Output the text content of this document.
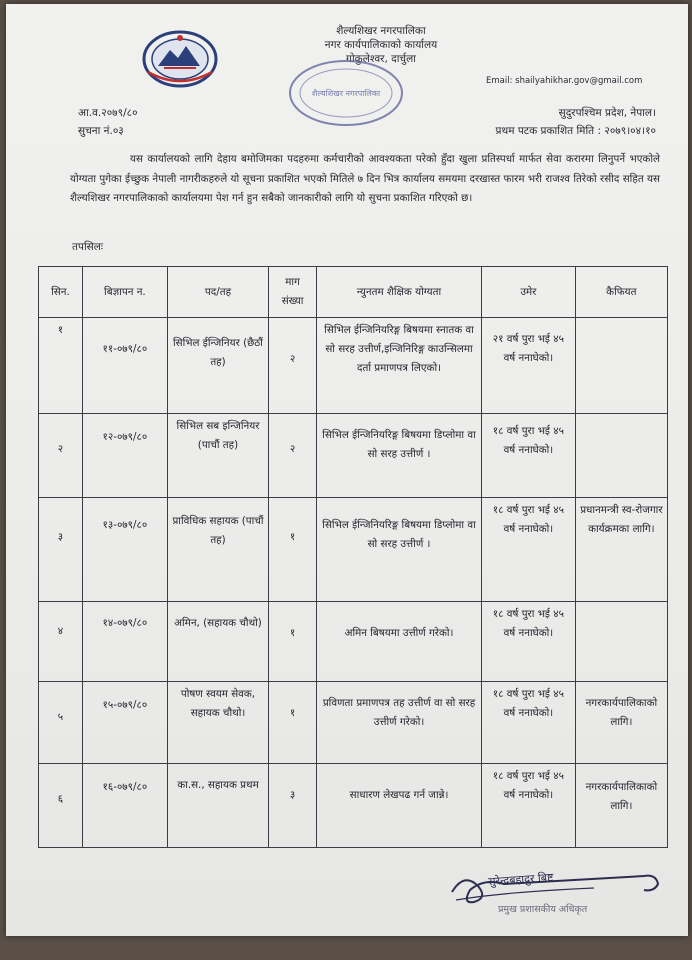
शैल्यशिखर नगरपालिका
नगर कार्यपालिकाको कार्यालय
गोकुलेश्वर, दार्चुला
शैल्यशिखर नगरपालिका
Email: shailyahikhar.gov@gmail.com
आ.व.२०७९/८०
सुचना नं.०३
सुदुरपश्चिम प्रदेश, नेपाल।
प्रथम पटक प्रकाशित मिति : २०७९।०४।१०
यस कार्यालयको लागि देहाय बमोजिमका पदहरुमा कर्मचारीको आवश्यकता परेको हुँदा खुला प्रतिस्पर्धा मार्फत सेवा करारमा लिनुपर्ने भएकोले योग्यता पुगेका ईच्छुक नेपाली नागरीकहरुले यो सूचना प्रकाशित भएको मितिले ७ दिन भित्र कार्यालय समयमा दरखास्त फारम भरी राजश्व तिरेको रसीद सहित यस शैल्यशिखर नगरपालिकाको कार्यालयमा पेश गर्न हुन सबैको जानकारीको लागि यो सुचना प्रकाशित गरिएको छ।
तपसिलः
सिन.	बिज्ञापन न.	पद/तह	माग संख्या	न्युनतम शैक्षिक योग्यता	उमेर	कैफियत
१	११-०७९/८०	सिभिल ईन्जिनियर (छैठौं तह)	२	सिभिल ईन्जिनियरिङ्ग बिषयमा स्नातक वा सो सरह उत्तीर्ण,इन्जिनिरिङ्ग काउन्सिलमा दर्ता प्रमाणपत्र लिएको।	२१ वर्ष पुरा भई ४५ वर्ष ननाघेको।	
२	१२-०७९/८०	सिभिल सब इन्जिनियर (पाचौं तह)	२	सिभिल ईन्जिनियरिङ्ग बिषयमा डिप्लोमा वा सो सरह उत्तीर्ण ।	१८ वर्ष पुरा भई ४५ वर्ष ननाघेको।	
३	१३-०७९/८०	प्राविधिक सहायक (पाचौं तह)	१	सिभिल ईन्जिनियरिङ्ग बिषयमा डिप्लोमा वा सो सरह उत्तीर्ण ।	१८ वर्ष पुरा भई ४५ वर्ष ननाघेको।	प्रधानमन्त्री स्व-रोजगार कार्यक्रमका लागि।
४	१४-०७९/८०	अमिन, (सहायक चौथो)	१	अमिन बिषयमा उत्तीर्ण गरेको।	१८ वर्ष पुरा भई ४५ वर्ष ननाघेको।	
५	१५-०७९/८०	पोषण स्वयम सेवक, सहायक चौथो।	१	प्रविणता प्रमाणपत्र तह उत्तीर्ण वा सो सरह उत्तीर्ण गरेको।	१८ वर्ष पुरा भई ४५ वर्ष ननाघेको।	नगरकार्यपालिकाको लागि।
६	१६-०७९/८०	का.स., सहायक प्रथम	३	साधारण लेखपढ गर्न जान्ने।	१८ वर्ष पुरा भई ४५ वर्ष ननाघेको।	नगरकार्यपालिकाको लागि।
सुरेन्द्रबहादुर बिष्ट
प्रमुख प्रशासकीय अधिकृत
